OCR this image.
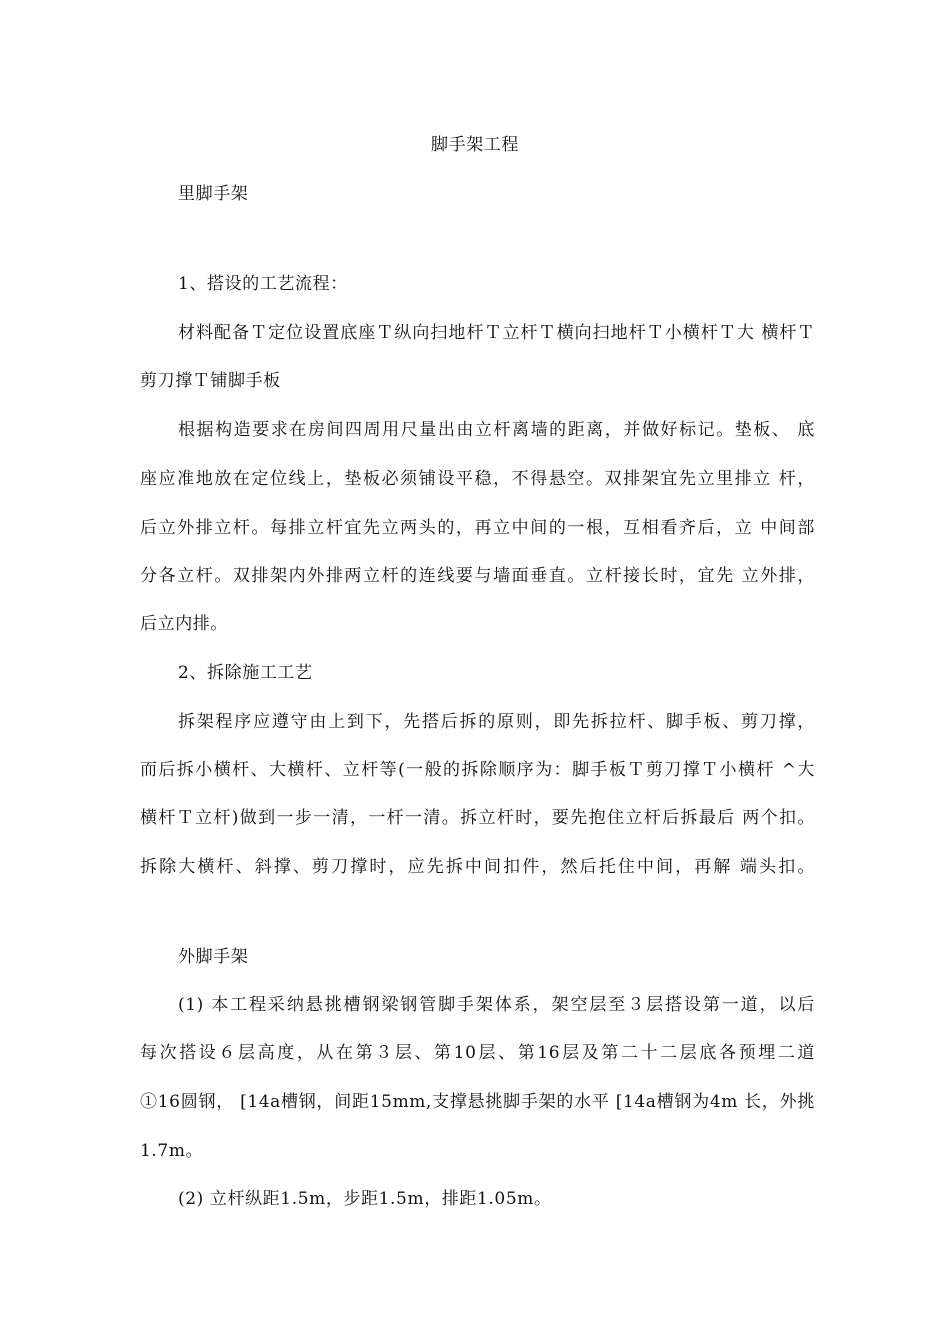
脚手架工程
里脚手架
1、搭设的工艺流程：
材料配备Ｔ定位设置底座Ｔ纵向扫地杆Ｔ立杆Ｔ横向扫地杆Ｔ小横杆Ｔ大 横杆Ｔ
剪刀撑Ｔ铺脚手板
根据构造要求在房间四周用尺量出由立杆离墙的距离，并做好标记。垫板、 底
座应准地放在定位线上，垫板必须铺设平稳，不得悬空。双排架宜先立里排立 杆，
后立外排立杆。每排立杆宜先立两头的，再立中间的一根，互相看齐后，立 中间部
分各立杆。双排架内外排两立杆的连线要与墙面垂直。立杆接长时，宜先 立外排，
后立内排。
2、拆除施工工艺
拆架程序应遵守由上到下，先搭后拆的原则，即先拆拉杆、脚手板、剪刀撑，
而后拆小横杆、大横杆、立杆等(一般的拆除顺序为：脚手板Ｔ剪刀撑Ｔ小横杆 ^大
横杆Ｔ立杆)做到一步一清，一杆一清。拆立杆时，要先抱住立杆后拆最后 两个扣。
拆除大横杆、斜撑、剪刀撑时，应先拆中间扣件，然后托住中间，再解 端头扣。
外脚手架
(1) 本工程采纳悬挑槽钢梁钢管脚手架体系，架空层至３层搭设第一道，以后
每次搭设６层高度，从在第３层、第10层、第16层及第二十二层底各预埋二道
①16圆钢， [14a槽钢，间距15mm,支撑悬挑脚手架的水平 [14a槽钢为4m 长，外挑
1.7m。
(2) 立杆纵距1.5m，步距1.5m，排距1.05m。
